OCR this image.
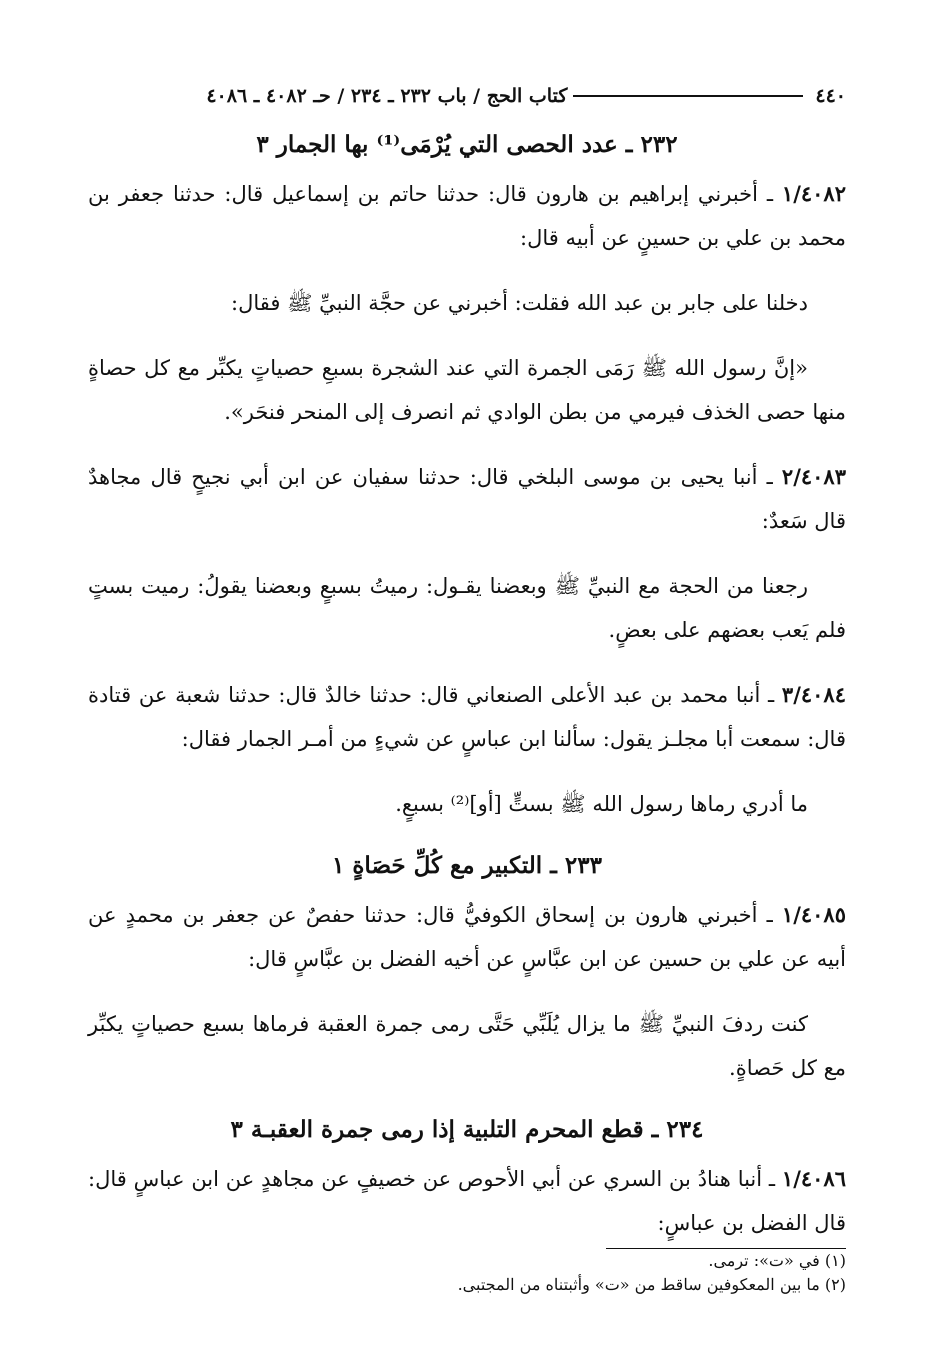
٤٤٠
كتاب الحج / باب ٢٣٢ ـ ٢٣٤ / حـ ٤٠٨٢ ـ ٤٠٨٦
٢٣٢ ـ عدد الحصى التي يُرْمَى⁽¹⁾ بها الجمار ٣

١/٤٠٨٢ ـ أخبرني إبراهيم بن هارون قال: حدثنا حاتم بن إسماعيل قال: حدثنا جعفر بن محمد بن علي بن حسينٍ عن أبيه قال:

دخلنا على جابر بن عبد الله فقلت: أخبرني عن حجَّة النبيِّ ﷺ فقال:

«إنَّ رسول الله ﷺ رَمَى الجمرة التي عند الشجرة بسبعِ حصياتٍ يكبِّر مع كل حصاةٍ منها حصى الخذف فيرمي من بطن الوادي ثم انصرف إلى المنحر فنحَر».

٢/٤٠٨٣ ـ أنبا يحيى بن موسى البلخي قال: حدثنا سفيان عن ابن أبي نجيحٍ قال مجاهدٌ قال سَعدٌ:

رجعنا من الحجة مع النبيِّ ﷺ وبعضنا يقـول: رميتُ بسبعٍ وبعضنا يقولُ: رميت بستٍ فلم يَعب بعضهم على بعضٍ.

٣/٤٠٨٤ ـ أنبا محمد بن عبد الأعلى الصنعاني قال: حدثنا خالدٌ قال: حدثنا شعبة عن قتادة قال: سمعت أبا مجلـز يقول: سألنا ابن عباسٍ عن شيءٍ من أمـر الجمار فقال:

ما أدري رماها رسول الله ﷺ بستٍّ [أو]⁽²⁾ بسبعٍ.

٢٣٣ ـ التكبير مع كُلِّ حَصَاةٍ ١

١/٤٠٨٥ ـ أخبرني هارون بن إسحاق الكوفيُّ قال: حدثنا حفصٌ عن جعفر بن محمدٍ عن أبيه عن علي بن حسين عن ابن عبَّاسٍ عن أخيه الفضل بن عبَّاسٍ قال:

كنت ردفَ النبيِّ ﷺ ما يزال يُلَبِّي حَتَّى رمى جمرة العقبة فرماها بسبع حصياتٍ يكبِّر مع كل حَصاةٍ.

٢٣٤ ـ قطع المحرم التلبية إذا رمى جمرة العقبـة ٣

١/٤٠٨٦ ـ أنبا هنادُ بن السري عن أبي الأحوص عن خصيفٍ عن مجاهدٍ عن ابن عباسٍ قال: قال الفضل بن عباسٍ:

(١) في «ت»: ترمى.
(٢) ما بين المعكوفين ساقط من «ت» وأثبتناه من المجتبى.
